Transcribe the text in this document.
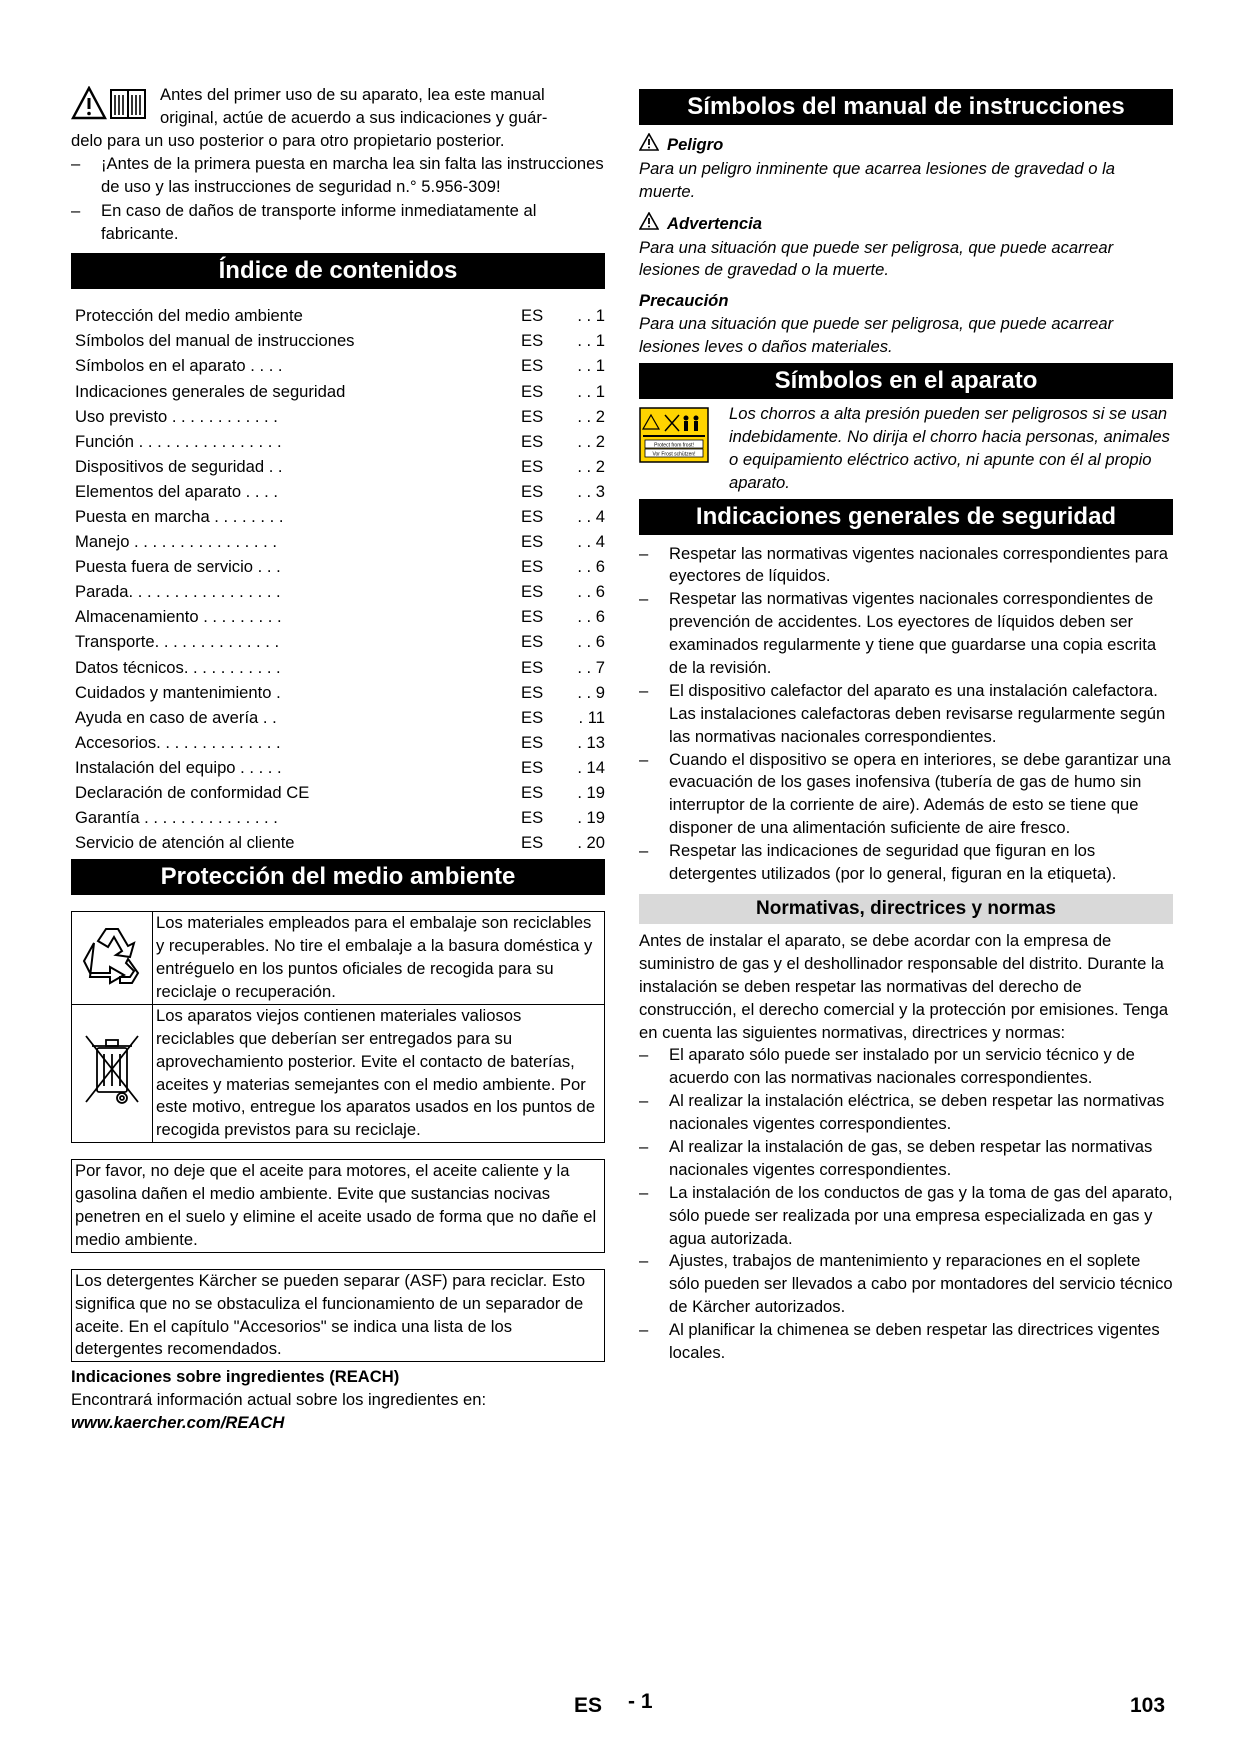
Antes del primer uso de su aparato, lea este manual
original, actúe de acuerdo a sus indicaciones y guár-
delo para un uso posterior o para otro propietario posterior.

– ¡Antes de la primera puesta en marcha lea sin falta las instrucciones de uso y las instrucciones de seguridad n.° 5.956-309!
– En caso de daños de transporte informe inmediatamente al fabricante.
Índice de contenidos
Protección del medio ambiente	ES	. . 1
Símbolos del manual de instrucciones	ES	. . 1
Símbolos en el aparato . . . .	ES	. . 1
Indicaciones generales de seguridad	ES	. . 1
Uso previsto . . . . . . . . . . . .	ES	. . 2
Función . . . . . . . . . . . . . . . .	ES	. . 2
Dispositivos de seguridad . .	ES	. . 2
Elementos del aparato . . . .	ES	. . 3
Puesta en marcha . . . . . . . .	ES	. . 4
Manejo . . . . . . . . . . . . . . . .	ES	. . 4
Puesta fuera de servicio . . .	ES	. . 6
Parada. . . . . . . . . . . . . . . . .	ES	. . 6
Almacenamiento . . . . . . . . .	ES	. . 6
Transporte. . . . . . . . . . . . . .	ES	. . 6
Datos técnicos. . . . . . . . . . .	ES	. . 7
Cuidados y mantenimiento .	ES	. . 9
Ayuda en caso de avería . .	ES	. 11
Accesorios. . . . . . . . . . . . . .	ES	. 13
Instalación del equipo . . . . .	ES	. 14
Declaración de conformidad CE	ES	. 19
Garantía . . . . . . . . . . . . . . .	ES	. 19
Servicio de atención al cliente	ES	. 20
Protección del medio ambiente
	Los materiales empleados para el embalaje son reciclables y recuperables. No tire el embalaje a la basura doméstica y entréguelo en los puntos oficiales de recogida para su reciclaje o recuperación.
	Los aparatos viejos contienen materiales valiosos reciclables que deberían ser entregados para su aprovechamiento posterior. Evite el contacto de baterías, aceites y materias semejantes con el medio ambiente. Por este motivo, entregue los aparatos usados en los puntos de recogida previstos para su reciclaje.

Por favor, no deje que el aceite para motores, el aceite caliente y la gasolina dañen el medio ambiente. Evite que sustancias nocivas penetren en el suelo y elimine el aceite usado de forma que no dañe el medio ambiente.

Los detergentes Kärcher se pueden separar (ASF) para reciclar. Esto significa que no se obstaculiza el funcionamiento de un separador de aceite. En el capítulo "Accesorios" se indica una lista de los detergentes recomendados.

Indicaciones sobre ingredientes (REACH)

Encontrará información actual sobre los ingredientes en:

www.kaercher.com/REACH

Símbolos del manual de instrucciones
Peligro

Para un peligro inminente que acarrea lesiones de gravedad o la muerte.

Advertencia

Para una situación que puede ser peligrosa, que puede acarrear lesiones de gravedad o la muerte.

Precaución

Para una situación que puede ser peligrosa, que puede acarrear lesiones leves o daños materiales.

Símbolos en el aparato
Protect from frost!
Vor Frost schützen!

Los chorros a alta presión pueden ser peligrosos si se usan indebidamente. No dirija el chorro hacia personas, animales o equipamiento eléctrico activo, ni apunte con él al propio aparato.

Indicaciones generales de seguridad
– Respetar las normativas vigentes nacionales correspondientes para eyectores de líquidos.
– Respetar las normativas vigentes nacionales correspondientes de prevención de accidentes. Los eyectores de líquidos deben ser examinados regularmente y tiene que guardarse una copia escrita de la revisión.
– El dispositivo calefactor del aparato es una instalación calefactora. Las instalaciones calefactoras deben revisarse regularmente según las normativas nacionales correspondientes.
– Cuando el dispositivo se opera en interiores, se debe garantizar una evacuación de los gases inofensiva (tubería de gas de humo sin interruptor de la corriente de aire). Además de esto se tiene que disponer de una alimentación suficiente de aire fresco.
– Respetar las indicaciones de seguridad que figuran en los detergentes utilizados (por lo general, figuran en la etiqueta).
Normativas, directrices y normas

Antes de instalar el aparato, se debe acordar con la empresa de suministro de gas y el deshollinador responsable del distrito. Durante la instalación se deben respetar las normativas del derecho de construcción, el derecho comercial y la protección por emisiones. Tenga en cuenta las siguientes normativas, directrices y normas:

– El aparato sólo puede ser instalado por un servicio técnico y de acuerdo con las normativas nacionales correspondientes.
– Al realizar la instalación eléctrica, se deben respetar las normativas nacionales vigentes correspondientes.
– Al realizar la instalación de gas, se deben respetar las normativas nacionales vigentes correspondientes.
– La instalación de los conductos de gas y la toma de gas del aparato, sólo puede ser realizada por una empresa especializada en gas y agua autorizada.
– Ajustes, trabajos de mantenimiento y reparaciones en el soplete sólo pueden ser llevados a cabo por montadores del servicio técnico de Kärcher autorizados.
– Al planificar la chimenea se deben respetar las directrices vigentes locales.
ES - 1	103
